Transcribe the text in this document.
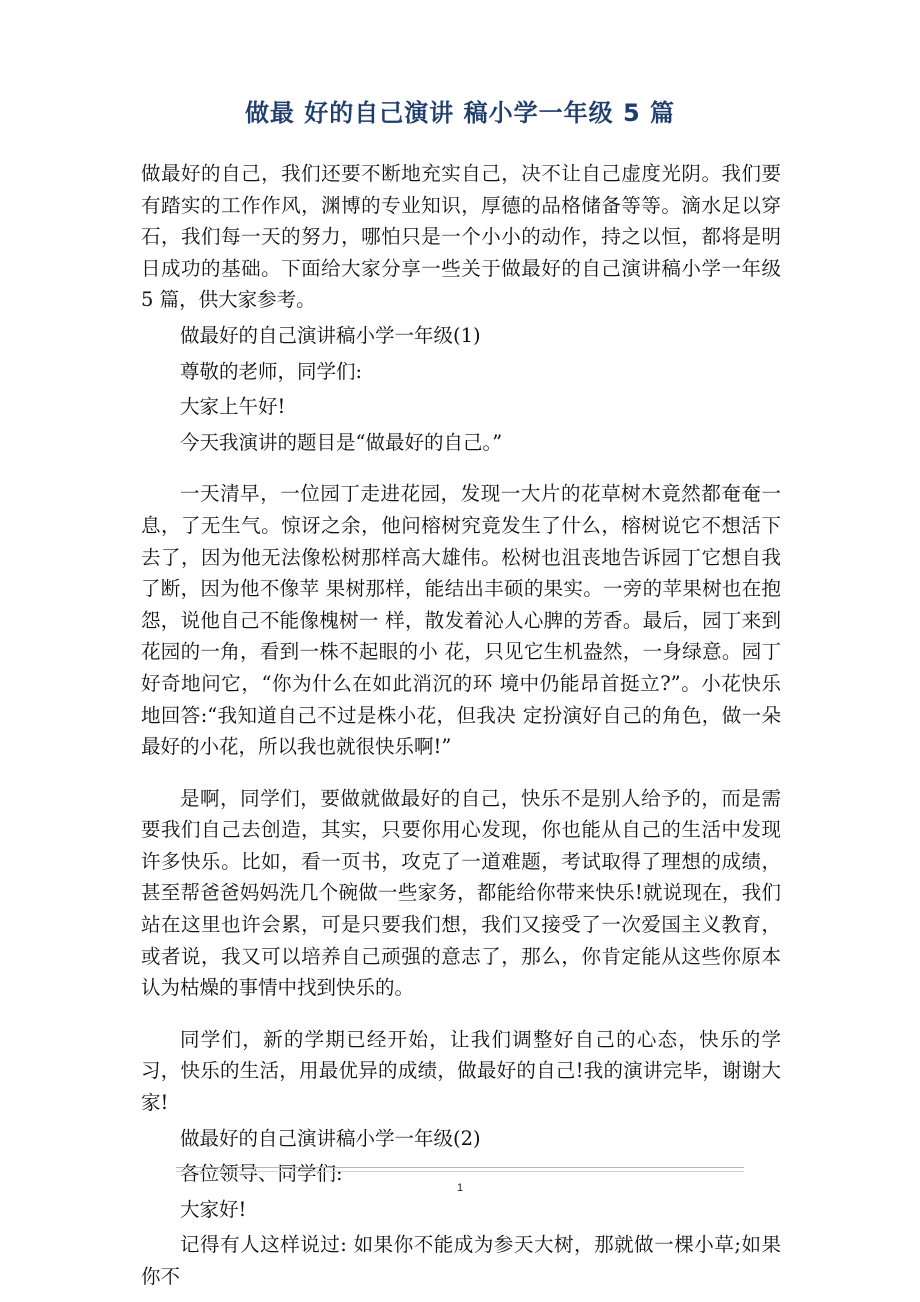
做最 好的自己演讲 稿小学一年级 5 篇

做最好的自己，我们还要不断地充实自己，决不让自己虚度光阴。我们要有踏实的工作作风，渊博的专业知识，厚德的品格储备等等。滴水足以穿石，我们每一天的努力，哪怕只是一个小小的动作，持之以恒，都将是明日成功的基础。下面给大家分享一些关于做最好的自己演讲稿小学一年级 5 篇，供大家参考。

做最好的自己演讲稿小学一年级(1)

尊敬的老师，同学们:

大家上午好!

今天我演讲的题目是“做最好的自己。”

一天清早，一位园丁走进花园，发现一大片的花草树木竟然都奄奄一息，了无生气。惊讶之余，他问榕树究竟发生了什么，榕树说它不想活下去了，因为他无法像松树那样高大雄伟。松树也沮丧地告诉园丁它想自我了断，因为他不像苹 果树那样，能结出丰硕的果实。一旁的苹果树也在抱怨，说他自己不能像槐树一 样，散发着沁人心脾的芳香。最后，园丁来到花园的一角，看到一株不起眼的小 花，只见它生机盎然，一身绿意。园丁好奇地问它，“你为什么在如此消沉的环 境中仍能昂首挺立?”。小花快乐地回答:“我知道自己不过是株小花，但我决 定扮演好自己的角色，做一朵最好的小花，所以我也就很快乐啊!”

是啊，同学们，要做就做最好的自己，快乐不是别人给予的，而是需要我们自己去创造，其实，只要你用心发现，你也能从自己的生活中发现许多快乐。比如，看一页书，攻克了一道难题，考试取得了理想的成绩，甚至帮爸爸妈妈洗几个碗做一些家务，都能给你带来快乐!就说现在，我们站在这里也许会累，可是只要我们想，我们又接受了一次爱国主义教育，或者说，我又可以培养自己顽强的意志了，那么，你肯定能从这些你原本认为枯燥的事情中找到快乐的。

同学们，新的学期已经开始，让我们调整好自己的心态，快乐的学习，快乐的生活，用最优异的成绩，做最好的自己!我的演讲完毕，谢谢大家!

做最好的自己演讲稿小学一年级(2)

各位领导、同学们:

大家好!

记得有人这样说过: 如果你不能成为参天大树，那就做一棵小草;如果你不

1
